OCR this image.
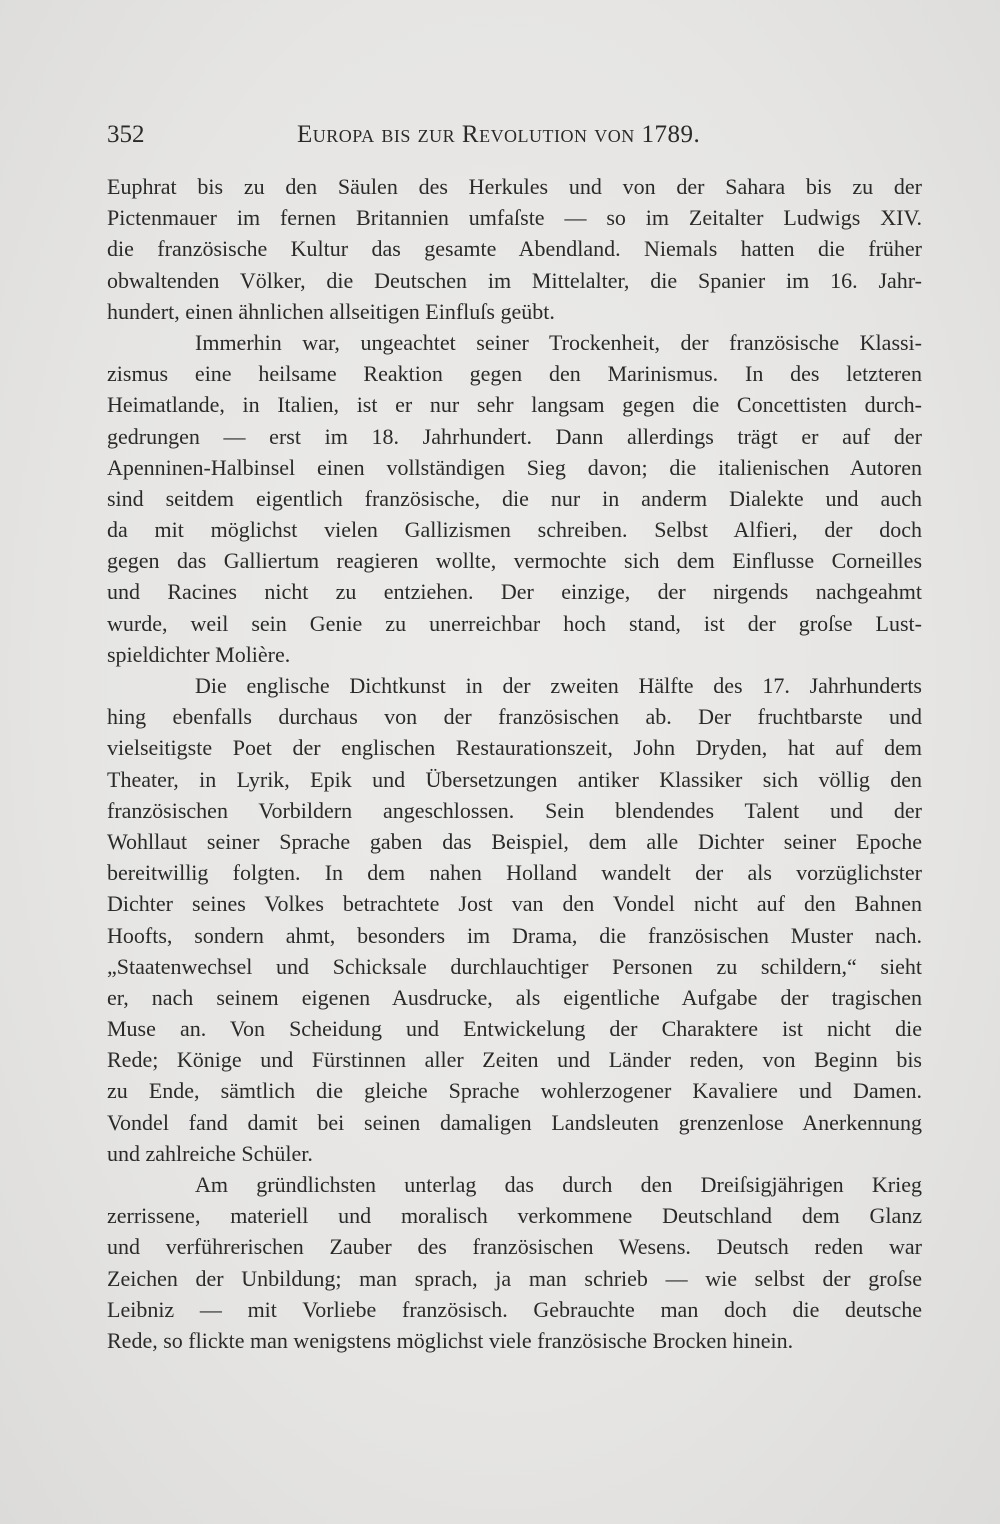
352	Europa bis zur Revolution von 1789.
Euphrat bis zu den Säulen des Herkules und von der Sahara bis zu der
Pictenmauer im fernen Britannien umfaſste — so im Zeitalter Ludwigs XIV.
die französische Kultur das gesamte Abendland. Niemals hatten die früher
obwaltenden Völker, die Deutschen im Mittelalter, die Spanier im 16. Jahr-
hundert, einen ähnlichen allseitigen Einfluſs geübt.
Immerhin war, ungeachtet seiner Trockenheit, der französische Klassi-
zismus eine heilsame Reaktion gegen den Marinismus. In des letzteren
Heimatlande, in Italien, ist er nur sehr langsam gegen die Concettisten durch-
gedrungen — erst im 18. Jahrhundert. Dann allerdings trägt er auf der
Apenninen-Halbinsel einen vollständigen Sieg davon; die italienischen Autoren
sind seitdem eigentlich französische, die nur in anderm Dialekte und auch
da mit möglichst vielen Gallizismen schreiben. Selbst Alfieri, der doch
gegen das Galliertum reagieren wollte, vermochte sich dem Einflusse Corneilles
und Racines nicht zu entziehen. Der einzige, der nirgends nachgeahmt
wurde, weil sein Genie zu unerreichbar hoch stand, ist der groſse Lust-
spieldichter Molière.
Die englische Dichtkunst in der zweiten Hälfte des 17. Jahrhunderts
hing ebenfalls durchaus von der französischen ab. Der fruchtbarste und
vielseitigste Poet der englischen Restaurationszeit, John Dryden, hat auf dem
Theater, in Lyrik, Epik und Übersetzungen antiker Klassiker sich völlig den
französischen Vorbildern angeschlossen. Sein blendendes Talent und der
Wohllaut seiner Sprache gaben das Beispiel, dem alle Dichter seiner Epoche
bereitwillig folgten. In dem nahen Holland wandelt der als vorzüglichster
Dichter seines Volkes betrachtete Jost van den Vondel nicht auf den Bahnen
Hoofts, sondern ahmt, besonders im Drama, die französischen Muster nach.
„Staatenwechsel und Schicksale durchlauchtiger Personen zu schildern,“ sieht
er, nach seinem eigenen Ausdrucke, als eigentliche Aufgabe der tragischen
Muse an. Von Scheidung und Entwickelung der Charaktere ist nicht die
Rede; Könige und Fürstinnen aller Zeiten und Länder reden, von Beginn bis
zu Ende, sämtlich die gleiche Sprache wohlerzogener Kavaliere und Damen.
Vondel fand damit bei seinen damaligen Landsleuten grenzenlose Anerkennung
und zahlreiche Schüler.
Am gründlichsten unterlag das durch den Dreiſsigjährigen Krieg
zerrissene, materiell und moralisch verkommene Deutschland dem Glanz
und verführerischen Zauber des französischen Wesens. Deutsch reden war
Zeichen der Unbildung; man sprach, ja man schrieb — wie selbst der groſse
Leibniz — mit Vorliebe französisch. Gebrauchte man doch die deutsche
Rede, so flickte man wenigstens möglichst viele französische Brocken hinein.
